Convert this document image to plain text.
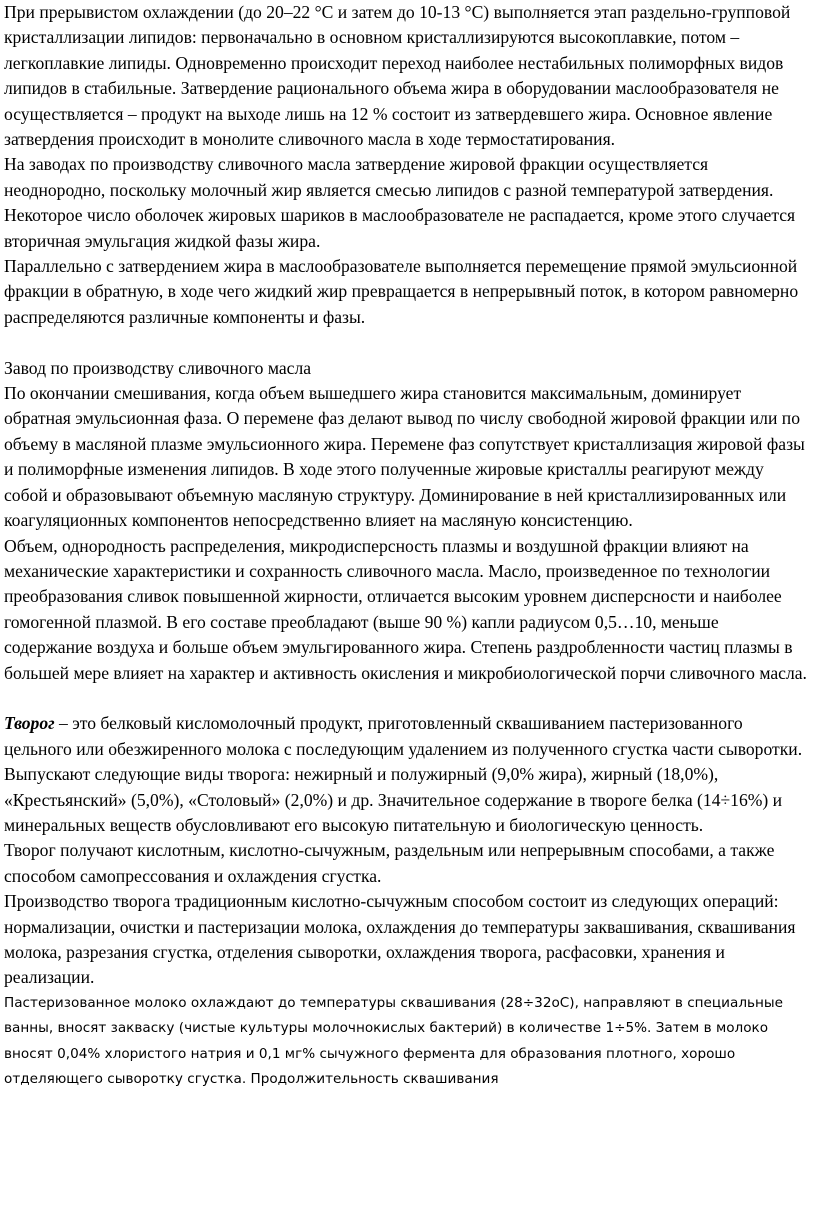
При прерывистом охлаждении (до 20–22 °С и затем до 10-13 °С) выполняется этап раздельно-групповой кристаллизации липидов: первоначально в основном кристаллизируются высокоплавкие, потом – легкоплавкие липиды. Одновременно происходит переход наиболее нестабильных полиморфных видов липидов в стабильные. Затвердение рационального объема жира в оборудовании маслообразователя не осуществляется – продукт на выходе лишь на 12 % состоит из затвердевшего жира. Основное явление затвердения происходит в монолите сливочного масла в ходе термостатирования.

На заводах по производству сливочного масла затвердение жировой фракции осуществляется неоднородно, поскольку молочный жир является смесью липидов с разной температурой затвердения. Некоторое число оболочек жировых шариков в маслообразователе не распадается, кроме этого случается вторичная эмульгация жидкой фазы жира.

Параллельно с затвердением жира в маслообразователе выполняется перемещение прямой эмульсионной фракции в обратную, в ходе чего жидкий жир превращается в непрерывный поток, в котором равномерно распределяются различные компоненты и фазы.

Завод по производству сливочного масла

По окончании смешивания, когда объем вышедшего жира становится максимальным, доминирует обратная эмульсионная фаза. О перемене фаз делают вывод по числу свободной жировой фракции или по объему в масляной плазме эмульсионного жира. Перемене фаз сопутствует кристаллизация жировой фазы и полиморфные изменения липидов. В ходе этого полученные жировые кристаллы реагируют между собой и образовывают объемную масляную структуру. Доминирование в ней кристаллизированных или коагуляционных компонентов непосредственно влияет на масляную консистенцию.

Объем, однородность распределения, микродисперсность плазмы и воздушной фракции влияют на механические характеристики и сохранность сливочного масла. Масло, произведенное по технологии преобразования сливок повышенной жирности, отличается высоким уровнем дисперсности и наиболее гомогенной плазмой. В его составе преобладают (выше 90 %) капли радиусом 0,5…10, меньше содержание воздуха и больше объем эмульгированного жира. Степень раздробленности частиц плазмы в большей мере влияет на характер и активность окисления и микробиологической порчи сливочного масла.

Творог – это белковый кисломолочный продукт, приготовленный сквашиванием пастеризованного цельного или обезжиренного молока с последующим удалением из полученного сгустка части сыворотки. Выпускают следующие виды творога: нежирный и полужирный (9,0% жира), жирный (18,0%), «Крестьянский» (5,0%), «Столовый» (2,0%) и др. Значительное содержание в твороге белка (14÷16%) и минеральных веществ обусловливают его высокую питательную и биологическую ценность.

Творог получают кислотным, кислотно-сычужным, раздельным или непрерывным способами, а также способом самопрессования и охлаждения сгустка.

Производство творога традиционным кислотно-сычужным способом состоит из следующих операций: нормализации, очистки и пастеризации молока, охлаждения до температуры заквашивания, сквашивания молока, разрезания сгустка, отделения сыворотки, охлаждения творога, расфасовки, хранения и реализации.

Пастеризованное молоко охлаждают до температуры сквашивания (28÷32оС), направляют в специальные ванны, вносят закваску (чистые культуры молочнокислых бактерий) в количестве 1÷5%. Затем в молоко вносят 0,04% хлористого натрия и 0,1 мг% сычужного фермента для образования плотного, хорошо отделяющего сыворотку сгустка. Продолжительность сквашивания
